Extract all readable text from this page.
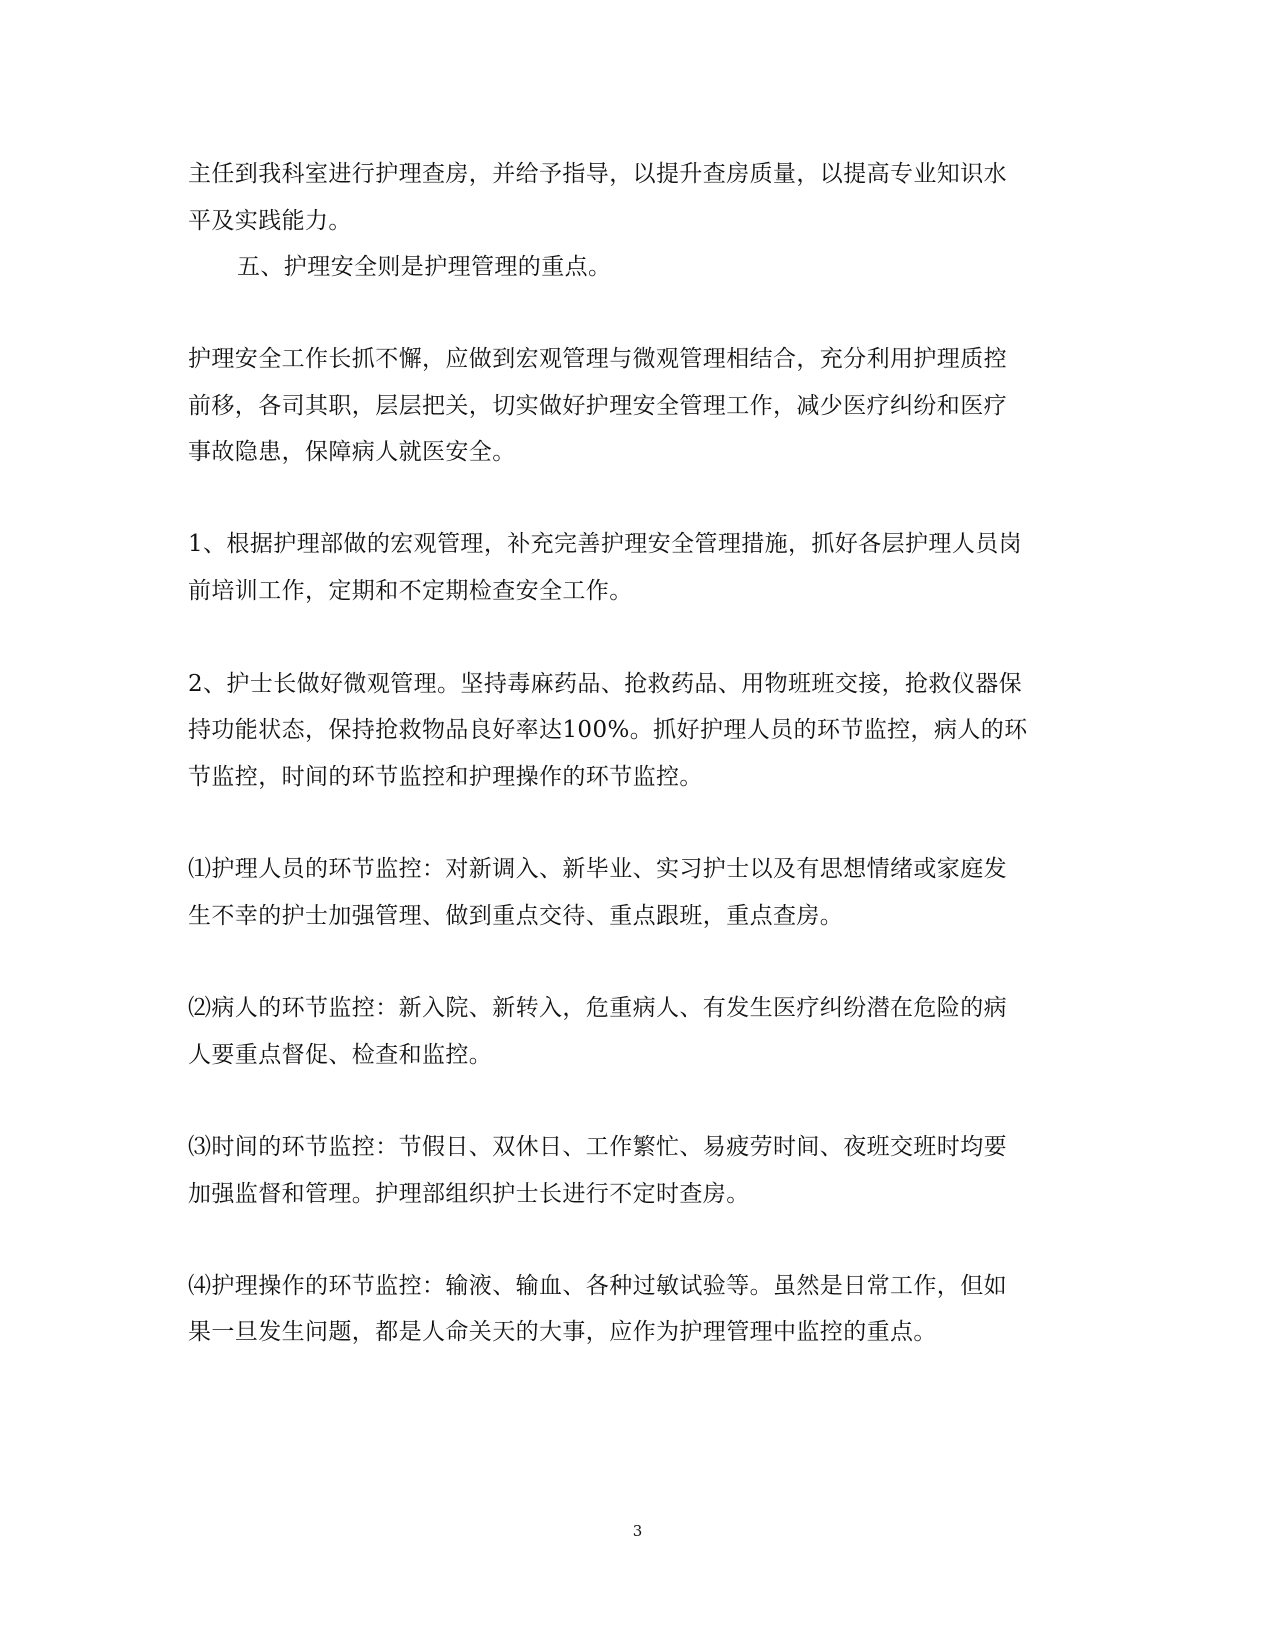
主任到我科室进行护理查房，并给予指导，以提升查房质量，以提高专业知识水
平及实践能力。
五、护理安全则是护理管理的重点。
护理安全工作长抓不懈，应做到宏观管理与微观管理相结合，充分利用护理质控
前移，各司其职，层层把关，切实做好护理安全管理工作，减少医疗纠纷和医疗
事故隐患，保障病人就医安全。
1、根据护理部做的宏观管理，补充完善护理安全管理措施，抓好各层护理人员岗
前培训工作，定期和不定期检查安全工作。
2、护士长做好微观管理。坚持毒麻药品、抢救药品、用物班班交接，抢救仪器保
持功能状态，保持抢救物品良好率达100%。抓好护理人员的环节监控，病人的环
节监控，时间的环节监控和护理操作的环节监控。
⑴护理人员的环节监控：对新调入、新毕业、实习护士以及有思想情绪或家庭发
生不幸的护士加强管理、做到重点交待、重点跟班，重点查房。
⑵病人的环节监控：新入院、新转入，危重病人、有发生医疗纠纷潜在危险的病
人要重点督促、检查和监控。
⑶时间的环节监控：节假日、双休日、工作繁忙、易疲劳时间、夜班交班时均要
加强监督和管理。护理部组织护士长进行不定时查房。
⑷护理操作的环节监控：输液、输血、各种过敏试验等。虽然是日常工作，但如
果一旦发生问题，都是人命关天的大事，应作为护理管理中监控的重点。
3
